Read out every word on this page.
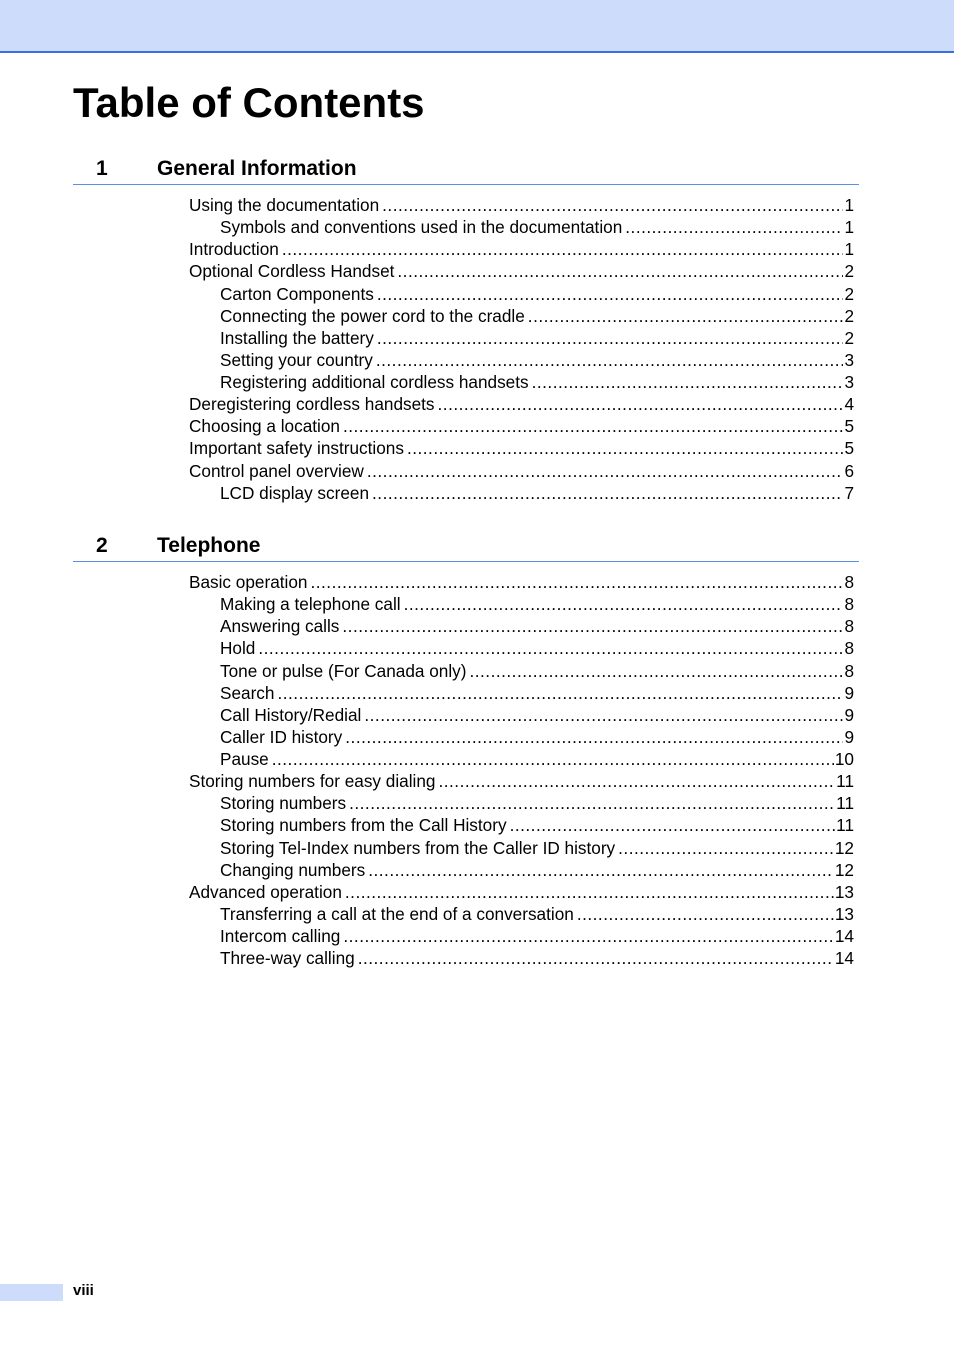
Table of Contents
1 General Information
Using the documentation .....	1
Symbols and conventions used in the documentation .....	1
Introduction .....	1
Optional Cordless Handset .....	2
Carton Components .....	2
Connecting the power cord to the cradle .....	2
Installing the battery .....	2
Setting your country .....	3
Registering additional cordless handsets .....	3
Deregistering cordless handsets .....	4
Choosing a location .....	5
Important safety instructions .....	5
Control panel overview .....	6
LCD display screen .....	7
2 Telephone
Basic operation .....	8
Making a telephone call .....	8
Answering calls .....	8
Hold .....	8
Tone or pulse (For Canada only) .....	8
Search .....	9
Call History/Redial .....	9
Caller ID history .....	9
Pause .....	10
Storing numbers for easy dialing .....	11
Storing numbers .....	11
Storing numbers from the Call History .....	11
Storing Tel-Index numbers from the Caller ID history .....	12
Changing numbers .....	12
Advanced operation .....	13
Transferring a call at the end of a conversation .....	13
Intercom calling .....	14
Three-way calling .....	14
viii
